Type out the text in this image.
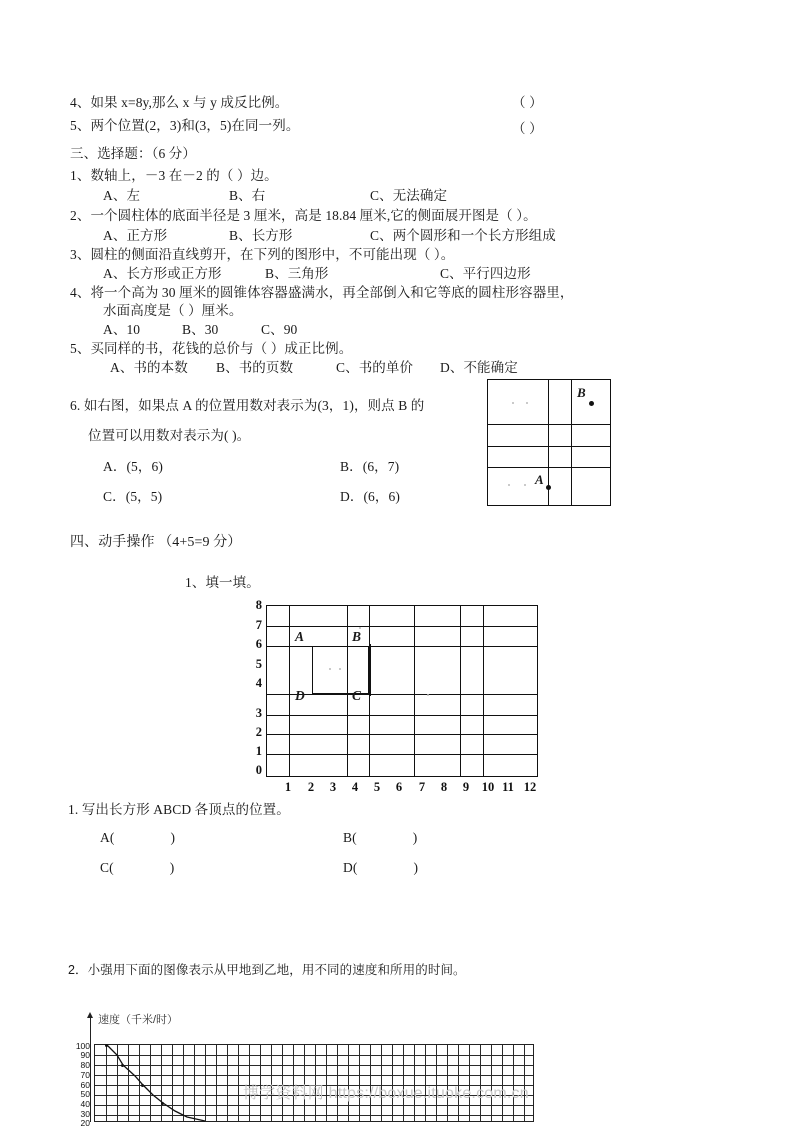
4、如果 x=8y,那么 x 与 y 成反比例。	（ ）
5、两个位置(2，3)和(3，5)在同一列。	（ ）
三、选择题：（6 分）
1、数轴上，－3 在－2 的（ ）边。
A、左	B、右	C、无法确定
2、一个圆柱体的底面半径是 3 厘米，高是 18.84 厘米,它的侧面展开图是（ ）。
A、正方形	B、长方形	C、两个圆形和一个长方形组成
3、圆柱的侧面沿直线剪开，在下列的图形中，不可能出现（ ）。
A、长方形或正方形	B、三角形	C、平行四边形
4、将一个高为 30 厘米的圆锥体容器盛满水，再全部倒入和它等底的圆柱形容器里，
水面高度是（ ）厘米。
A、10	B、30	C、90
5、买同样的书，花钱的总价与（ ）成正比例。
A、书的本数 B、书的页数	C、书的单价 D、不能确定
6. 如右图，如果点 A 的位置用数对表示为(3，1)，则点 B 的
位置可以用数对表示为( )。
A．(5，6)	B．(6，7)
C．(5，5)	D．(6，6)
B
A
四、动手操作 （4+5=9 分）
1、填一填。
8
7
6
5
4
3
2
1
0
A	B
C
D
1	2	3	4	5	6	7	8	9	10 11 12
1. 写出长方形 ABCD 各顶点的位置。
A(	)	B(	)
C(	)	D(	)
2．小强用下面的图像表示从甲地到乙地，用不同的速度和所用的时间。
速度（千米/时）
100
90
80
70
60
50
40
30
20
博学资料网 https://boxue.ituoke.com.cn
